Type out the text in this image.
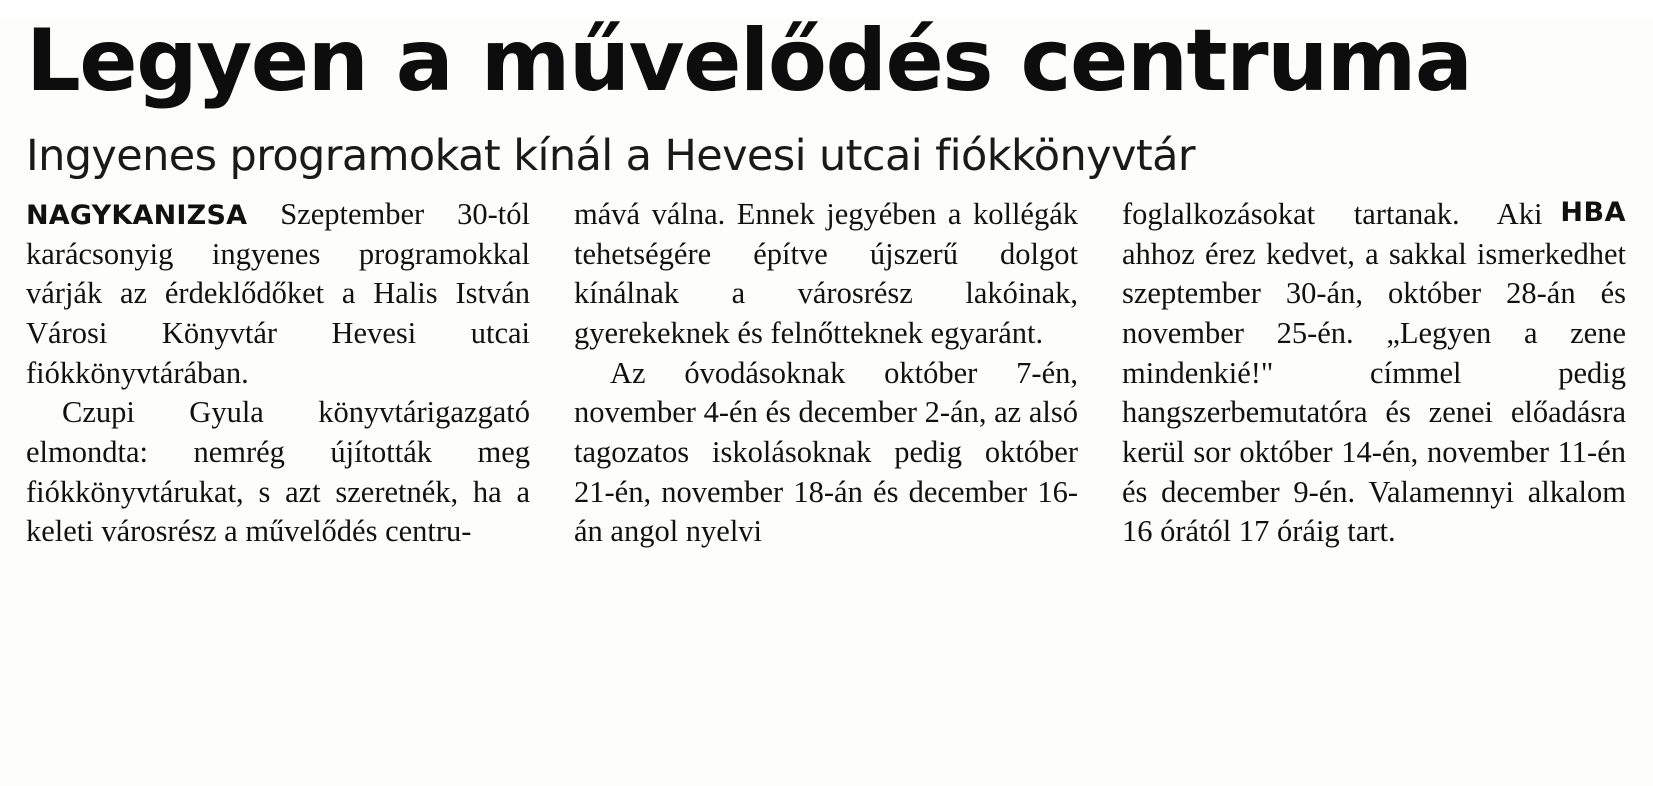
Legyen a művelődés centruma
Ingyenes programokat kínál a Hevesi utcai fiókkönyvtár

NAGYKANIZSA Szeptember 30-tól karácsonyig ingyenes programokkal várják az érdeklődőket a Halis István Városi Könyvtár Hevesi utcai fiókkönyvtárában.

Czupi Gyula könyvtárigazgató elmondta: nemrég újították meg fiókkönyvtárukat, s azt szeretnék, ha a keleti városrész a művelődés centru-

mává válna. Ennek jegyében a kollégák tehetségére építve újszerű dolgot kínálnak a városrész lakóinak, gyerekeknek és felnőtteknek egyaránt.

Az óvodásoknak október 7-én, november 4-én és december 2-án, az alsó tagozatos iskolásoknak pedig október 21-én, november 18-án és december 16-án angol nyelvi

HBA
foglalkozásokat tartanak. Aki ahhoz érez kedvet, a sakkal ismerkedhet szeptember 30-án, október 28-án és november 25-én. „Legyen a zene mindenkié!" címmel pedig hangszerbemutatóra és zenei előadásra kerül sor október 14-én, november 11-én és december 9-én. Valamennyi alkalom 16 órától 17 óráig tart.
